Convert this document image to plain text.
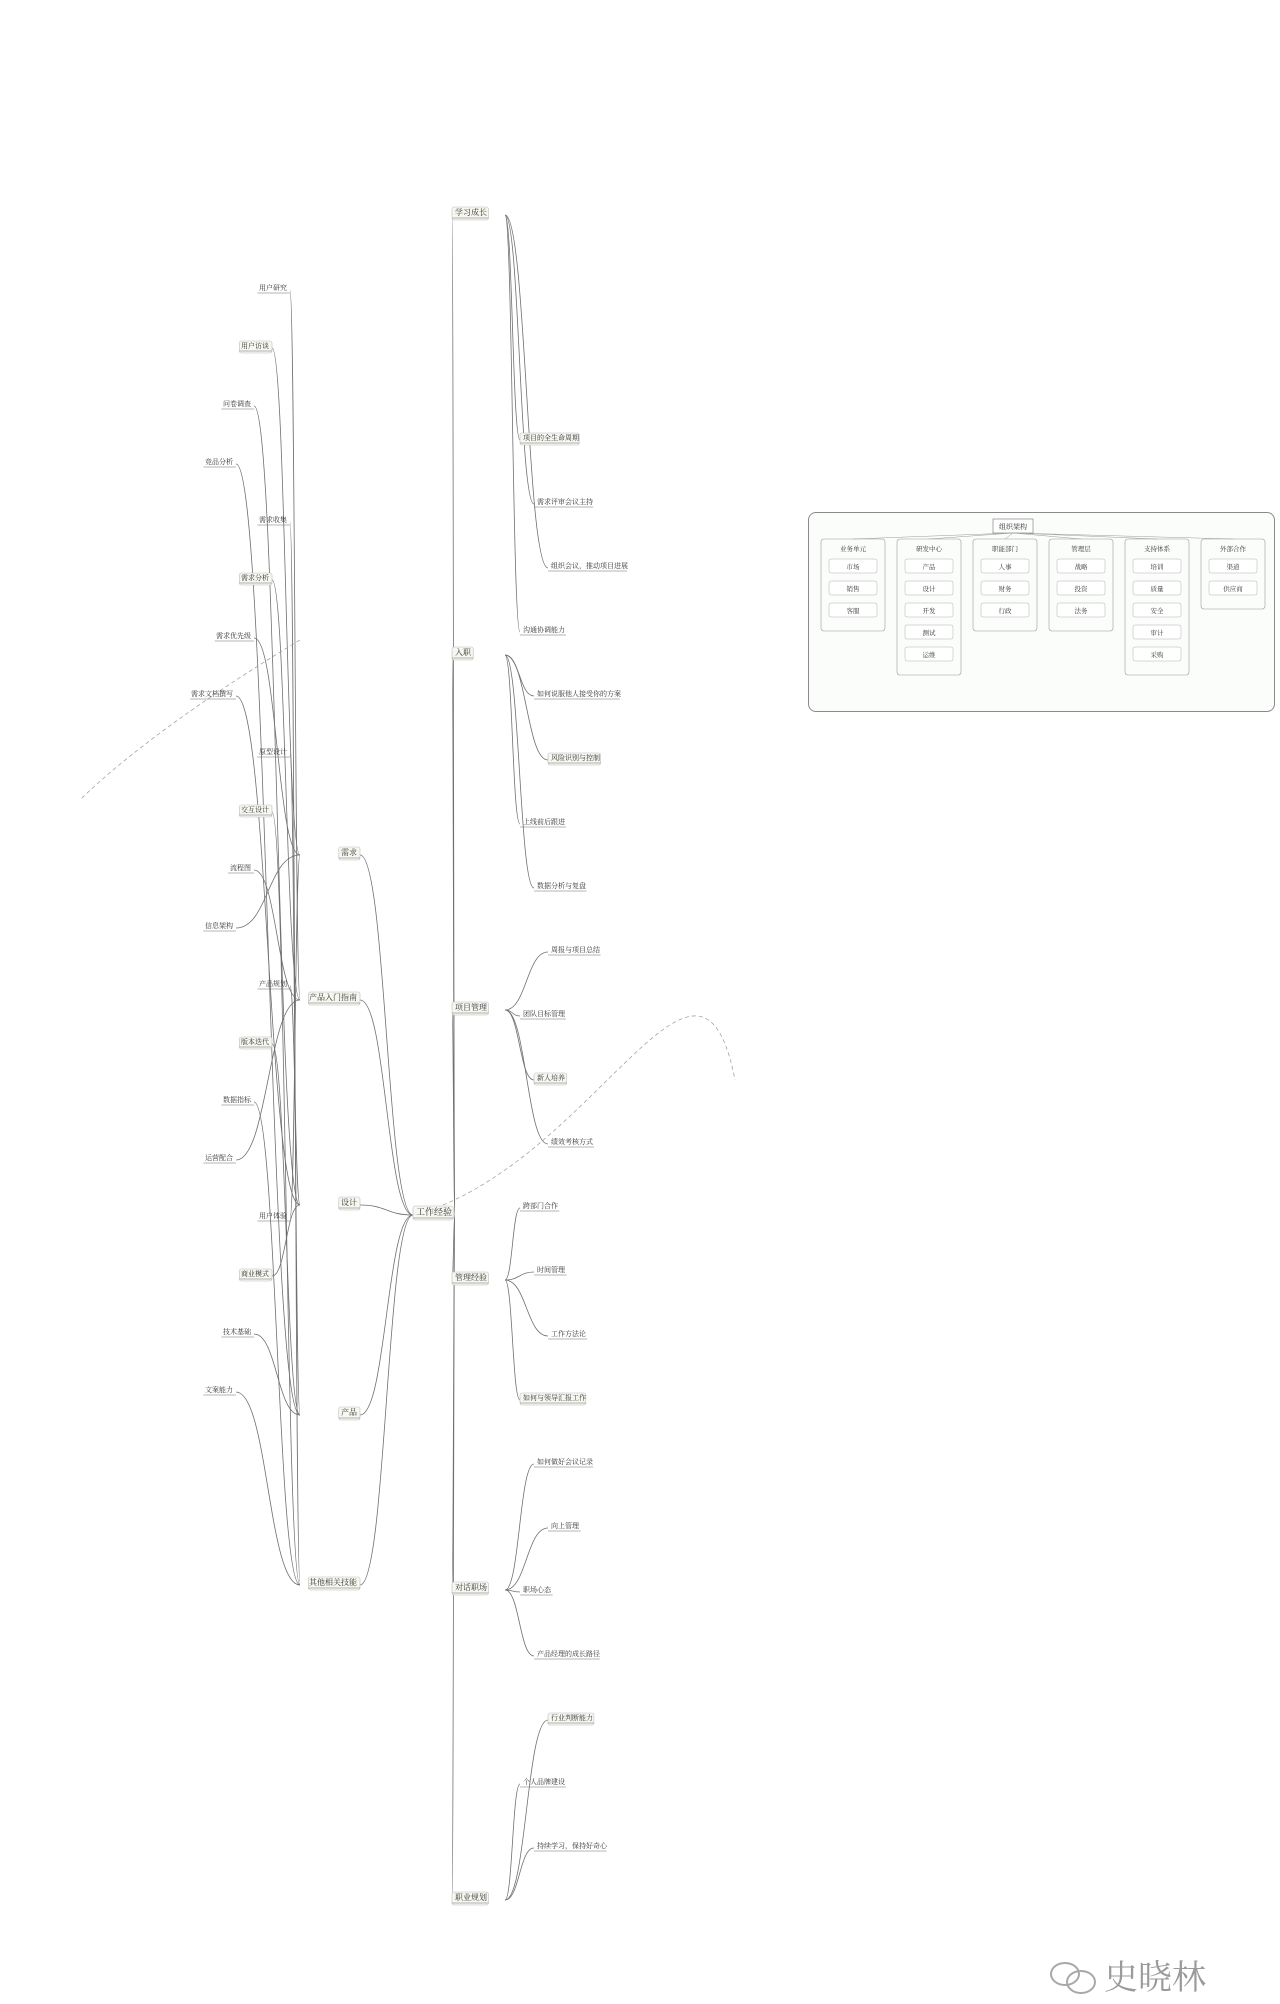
工作经验
学习成长
入职
项目管理
管理经验
对话职场
职业规划
项目的全生命周期
需求评审会议主持
组织会议，推动项目进展
沟通协调能力
如何说服他人接受你的方案
风险识别与控制
上线前后跟进
数据分析与复盘
周报与项目总结
团队目标管理
新人培养
绩效考核方式
跨部门合作
时间管理
工作方法论
如何与领导汇报工作
如何做好会议记录
向上管理
职场心态
产品经理的成长路径
行业判断能力
个人品牌建设
持续学习，保持好奇心
产品入门指南
需求
设计
产品
其他相关技能
用户研究
用户访谈
问卷调查
竞品分析
需求收集
需求分析
需求优先级
需求文档撰写
原型设计
交互设计
流程图
信息架构
产品规划
版本迭代
数据指标
运营配合
用户体验
商业模式
技术基础
文案能力
组织架构
业务单元
市场
销售
客服
研发中心
产品
设计
开发
测试
运维
职能部门
人事
财务
行政
管理层
战略
投资
法务
支持体系
培训
质量
安全
审计
采购
外部合作
渠道
供应商
史晓林
